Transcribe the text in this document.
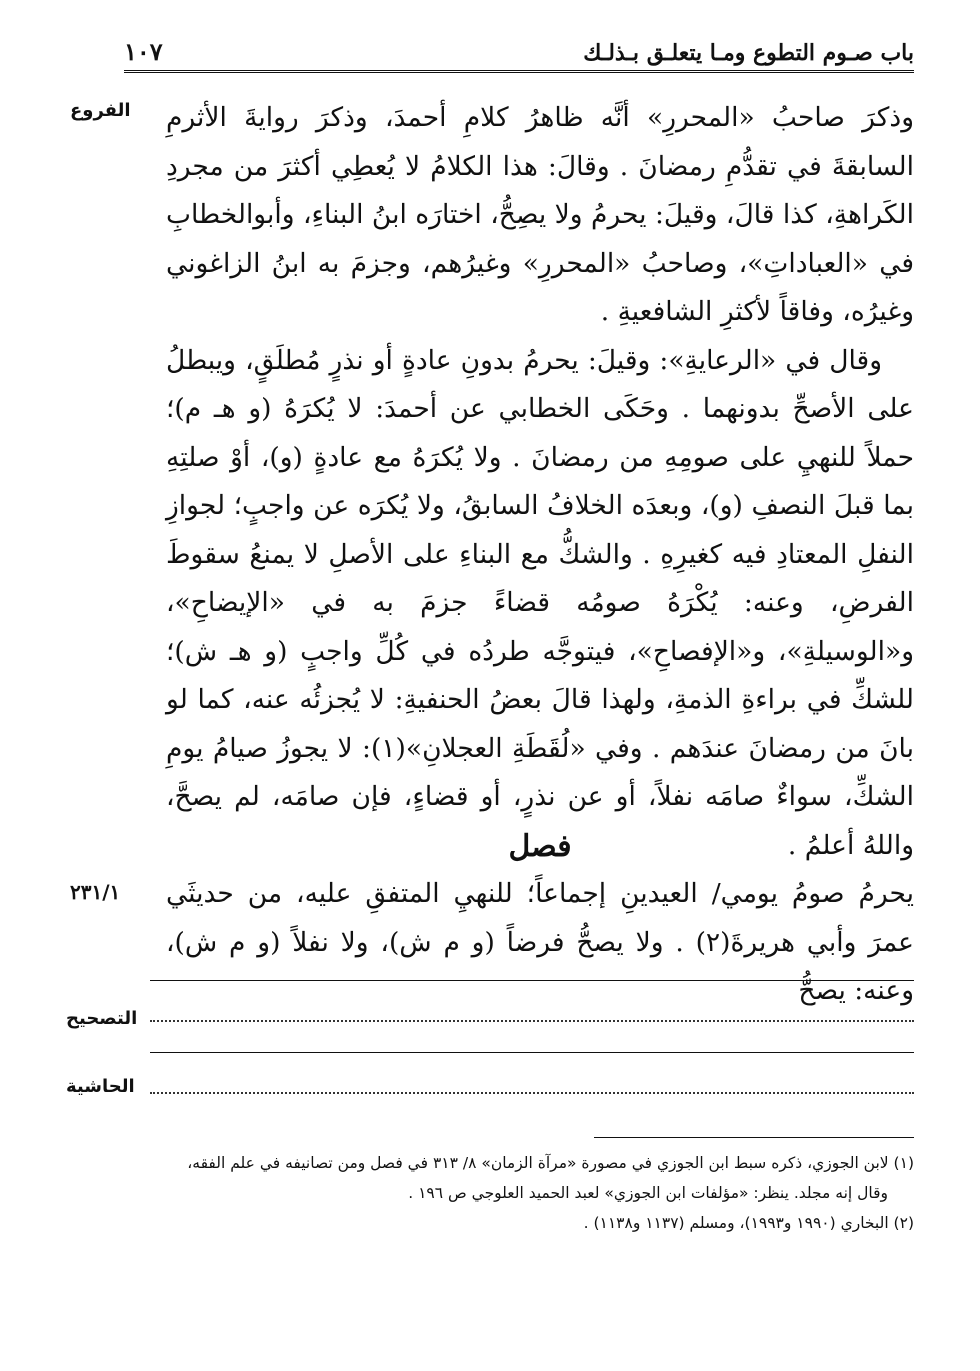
باب صـوم التطوع ومـا يتعلـق بـذلـك
١٠٧
الفروع وذكرَ صاحبُ «المحررِ» أنَّه ظاهرُ كلامِ أحمدَ، وذكرَ روايةَ الأثرمِ السابقةَ في تقدُّمِ رمضانَ . وقالَ: هذا الكلامُ لا يُعطِي أكثرَ من مجردِ الكَراهةِ، كذا قالَ، وقيلَ: يحرمُ ولا يصِحُّ، اختارَه ابنُ البناءِ، وأبوالخطابِ في «العباداتِ»، وصاحبُ «المحررِ» وغيرُهم، وجزمَ به ابنُ الزاغوني وغيرُه، وفاقاً لأكثرِ الشافعيةِ .

وقال في «الرعايةِ»: وقيلَ: يحرمُ بدونِ عادةٍ أو نذرٍ مُطلَقٍ، ويبطلُ على الأصحِّ بدونهما . وحَكَى الخطابي عن أحمدَ: لا يُكرَهُ (و هـ م)؛ حملاً للنهيِ على صومِهِ من رمضانَ . ولا يُكرَهُ مع عادةٍ (و)، أوْ صلتِهِ بما قبلَ النصفِ (و)، وبعدَه الخلافُ السابقُ، ولا يُكرَه عن واجبٍ؛ لجوازِ النفلِ المعتادِ فيه كغيرِهِ . والشكُّ مع البناءِ على الأصلِ لا يمنعُ سقوطَ الفرضِ، وعنه: يُكْرَهُ صومُه قضاءً جزمَ به في «الإيضاحِ»، و«الوسيلةِ»، و«الإفصاحِ»، فيتوجَّه طردُه في كُلِّ واجبٍ (و هـ ش)؛ للشكِّ في براءةِ الذمةِ، ولهذا قالَ بعضُ الحنفيةِ: لا يُجزئُه عنه، كما لو بانَ من رمضانَ عندَهم . وفي «لُقَطَةِ العجلانِ»(١): لا يجوزُ صيامُ يومِ الشكِّ، سواءٌ صامَه نفلاً، أو عن نذرٍ، أو قضاءٍ، فإن صامَه، لم يصحَّ، واللهُ أعلمُ .

فصل
٢٣١/١ يحرمُ صومُ يومي/ العيدينِ إجماعاً؛ للنهيِ المتفقِ عليه، من حديثَي عمرَ وأبي هريرةَ(٢) . ولا يصحُّ فرضاً (و م ش)، ولا نفلاً (و م ش)، وعنه: يصحُّ

التصحيح
الحاشية

(١) لابن الجوزي، ذكره سبط ابن الجوزي في مصورة «مرآة الزمان» ٨/ ٣١٣ في فصل ومن تصانيفه في علم الفقه،

وقال إنه مجلد. ينظر: «مؤلفات ابن الجوزي» لعبد الحميد العلوجي ص ١٩٦ .

(٢) البخاري (١٩٩٠ و١٩٩٣)، ومسلم (١١٣٧ و١١٣٨) .
